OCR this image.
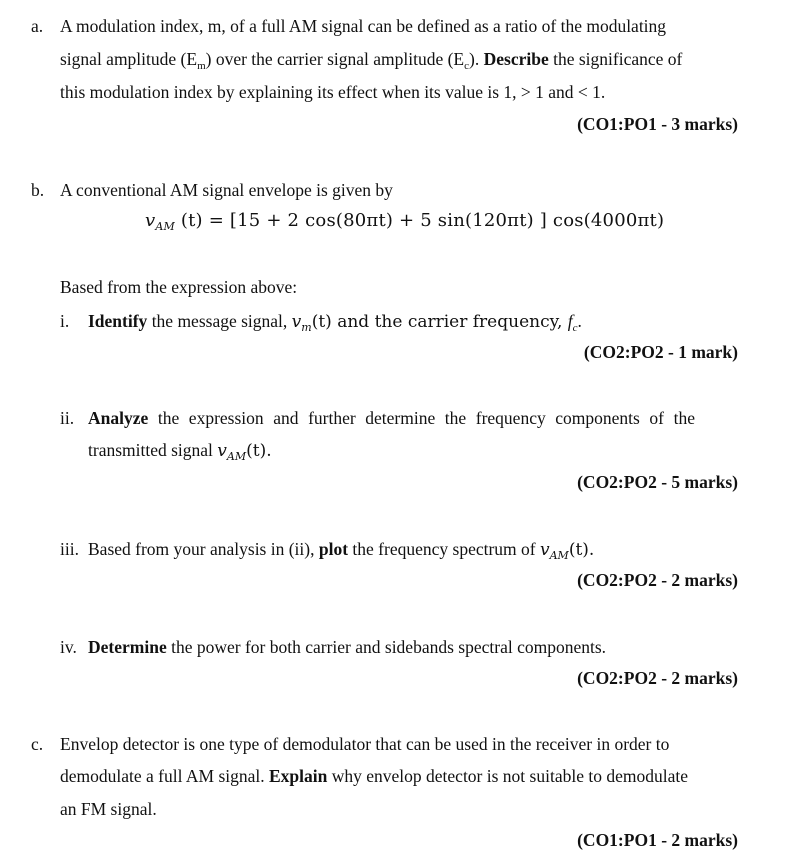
a. A modulation index, m, of a full AM signal can be defined as a ratio of the modulating
signal amplitude $(E_m)$ over the carrier signal amplitude $(E_c)$. Describe the significance of
this modulation index by explaining its effect when its value is 1, > 1 and < 1.
(CO1:PO1 - 3 marks)
b. A conventional AM signal envelope is given by
$v_{AM}$ (t) = [15 + 2 cos(80πt) + 5 sin(120πt) ] cos(4000πt)
Based from the expression above:
i. Identify the message signal, $v_m(t)$ and the carrier frequency, $f_c$.
(CO2:PO2 - 1 mark)
ii. Analyze the expression and further determine the frequency components of the
transmitted signal $v_{AM}(t)$.
(CO2:PO2 - 5 marks)
iii. Based from your analysis in (ii), plot the frequency spectrum of $v_{AM}(t)$.
(CO2:PO2 - 2 marks)
iv. Determine the power for both carrier and sidebands spectral components.
(CO2:PO2 - 2 marks)
c. Envelop detector is one type of demodulator that can be used in the receiver in order to
demodulate a full AM signal. Explain why envelop detector is not suitable to demodulate
an FM signal.
(CO1:PO1 - 2 marks)
